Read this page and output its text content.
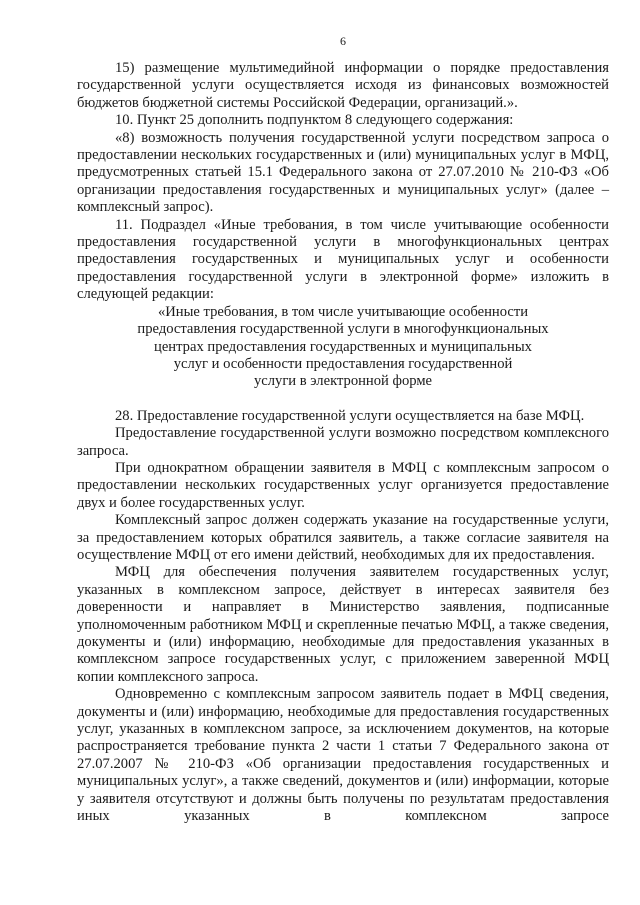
6

15) размещение мультимедийной информации о порядке предоставления государственной услуги осуществляется исходя из финансовых возможностей бюджетов бюджетной системы Российской Федерации, организаций.».

10. Пункт 25 дополнить подпунктом 8 следующего содержания:

«8) возможность получения государственной услуги посредством запроса о предоставлении нескольких государственных и (или) муниципальных услуг в МФЦ, предусмотренных статьей 15.1 Федерального закона от 27.07.2010 № 210-ФЗ «Об организации предоставления государственных и муниципальных услуг» (далее – комплексный запрос).

11. Подраздел «Иные требования, в том числе учитывающие особенности предоставления государственной услуги в многофункциональных центрах предоставления государственных и муниципальных услуг и особенности предоставления государственной услуги в электронной форме» изложить в следующей редакции:

«Иные требования, в том числе учитывающие особенности
предоставления государственной услуги в многофункциональных
центрах предоставления государственных и муниципальных
услуг и особенности предоставления государственной
услуги в электронной форме

28. Предоставление государственной услуги осуществляется на базе МФЦ.

Предоставление государственной услуги возможно посредством комплексного запроса.

При однократном обращении заявителя в МФЦ с комплексным запросом о предоставлении нескольких государственных услуг организуется предоставление двух и более государственных услуг.

Комплексный запрос должен содержать указание на государственные услуги, за предоставлением которых обратился заявитель, а также согласие заявителя на осуществление МФЦ от его имени действий, необходимых для их предоставления.

МФЦ для обеспечения получения заявителем государственных услуг, указанных в комплексном запросе, действует в интересах заявителя без доверенности и направляет в Министерство заявления, подписанные уполномоченным работником МФЦ и скрепленные печатью МФЦ, а также сведения, документы и (или) информацию, необходимые для предоставления указанных в комплексном запросе государственных услуг, с приложением заверенной МФЦ копии комплексного запроса.

Одновременно с комплексным запросом заявитель подает в МФЦ сведения, документы и (или) информацию, необходимые для предоставления государственных услуг, указанных в комплексном запросе, за исключением документов, на которые распространяется требование пункта 2 части 1 статьи 7 Федерального закона от 27.07.2007 № 210-ФЗ «Об организации предоставления государственных и муниципальных услуг», а также сведений, документов и (или) информации, которые у заявителя отсутствуют и должны быть получены по результатам предоставления иных указанных в комплексном запросе
